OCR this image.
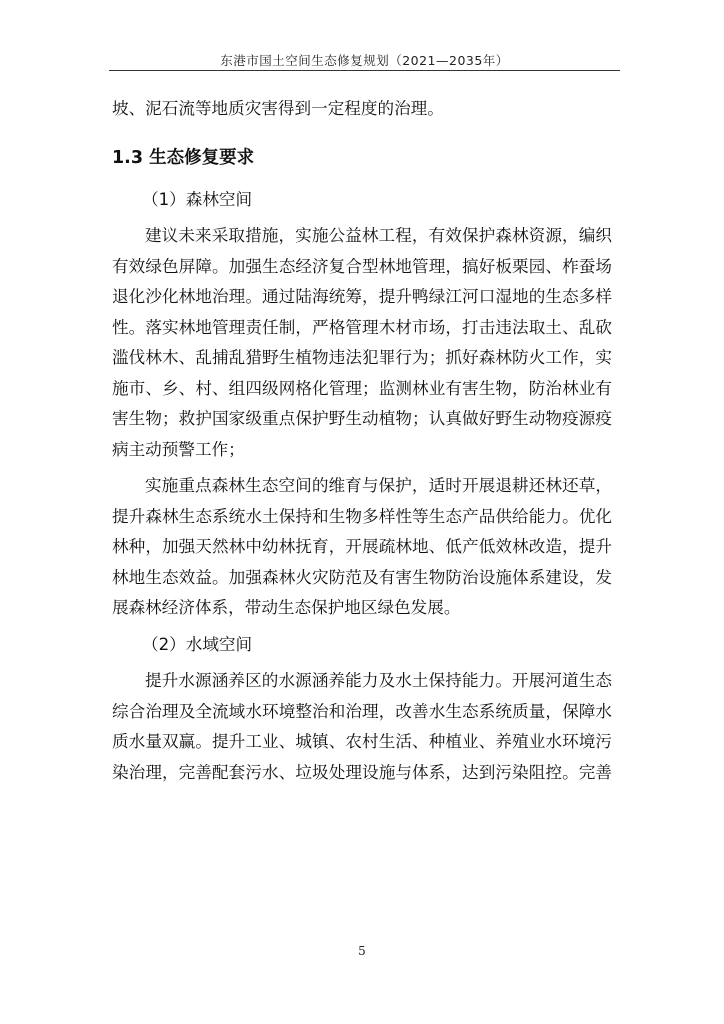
东港市国土空间生态修复规划（2021—2035年）
坡、泥石流等地质灾害得到一定程度的治理。
1.3 生态修复要求
（1）森林空间
建议未来采取措施，实施公益林工程，有效保护森林资源，编织
有效绿色屏障。加强生态经济复合型林地管理，搞好板栗园、柞蚕场
退化沙化林地治理。通过陆海统筹，提升鸭绿江河口湿地的生态多样
性。落实林地管理责任制，严格管理木材市场，打击违法取土、乱砍
滥伐林木、乱捕乱猎野生植物违法犯罪行为；抓好森林防火工作，实
施市、乡、村、组四级网格化管理；监测林业有害生物，防治林业有
害生物；救护国家级重点保护野生动植物；认真做好野生动物疫源疫
病主动预警工作；
实施重点森林生态空间的维育与保护，适时开展退耕还林还草，
提升森林生态系统水土保持和生物多样性等生态产品供给能力。优化
林种，加强天然林中幼林抚育，开展疏林地、低产低效林改造，提升
林地生态效益。加强森林火灾防范及有害生物防治设施体系建设，发
展森林经济体系，带动生态保护地区绿色发展。
（2）水域空间
提升水源涵养区的水源涵养能力及水土保持能力。开展河道生态
综合治理及全流域水环境整治和治理，改善水生态系统质量，保障水
质水量双赢。提升工业、城镇、农村生活、种植业、养殖业水环境污
染治理，完善配套污水、垃圾处理设施与体系，达到污染阻控。完善
5
